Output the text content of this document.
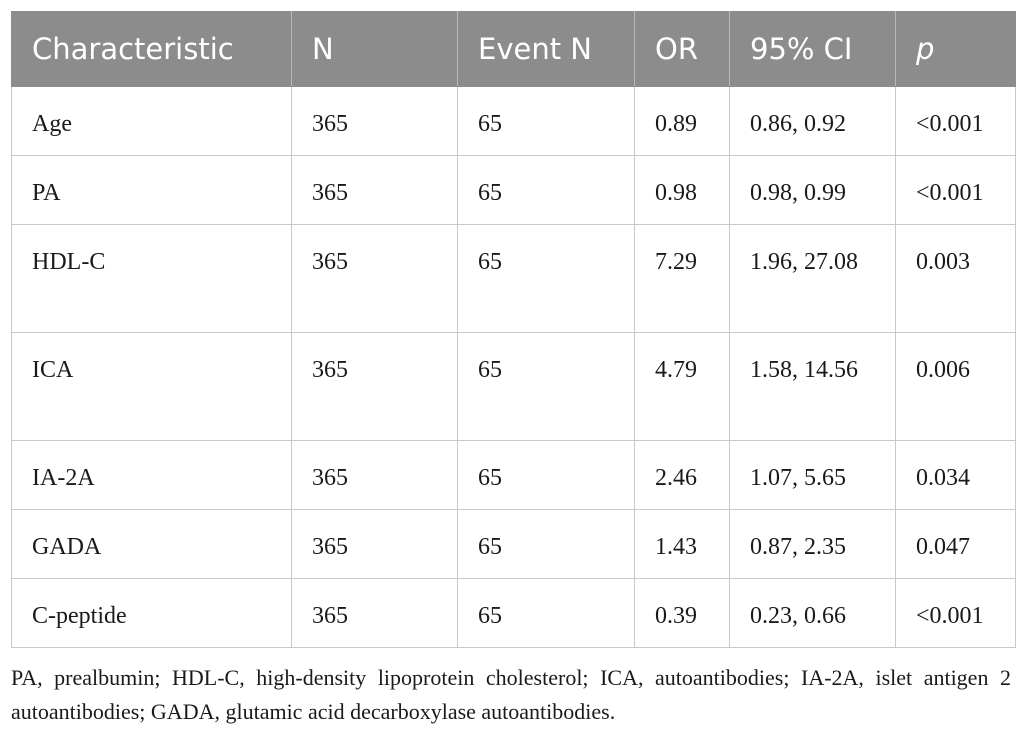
Characteristic	N	Event N	OR	95% CI	p
Age	365	65	0.89	0.86, 0.92	<0.001
PA	365	65	0.98	0.98, 0.99	<0.001
HDL-C	365	65	7.29	1.96, 27.08	0.003
ICA	365	65	4.79	1.58, 14.56	0.006
IA-2A	365	65	2.46	1.07, 5.65	0.034
GADA	365	65	1.43	0.87, 2.35	0.047
C-peptide	365	65	0.39	0.23, 0.66	<0.001

PA, prealbumin; HDL-C, high-density lipoprotein cholesterol; ICA, autoantibodies; IA-2A, islet antigen 2 autoantibodies; GADA, glutamic acid decarboxylase autoantibodies.
